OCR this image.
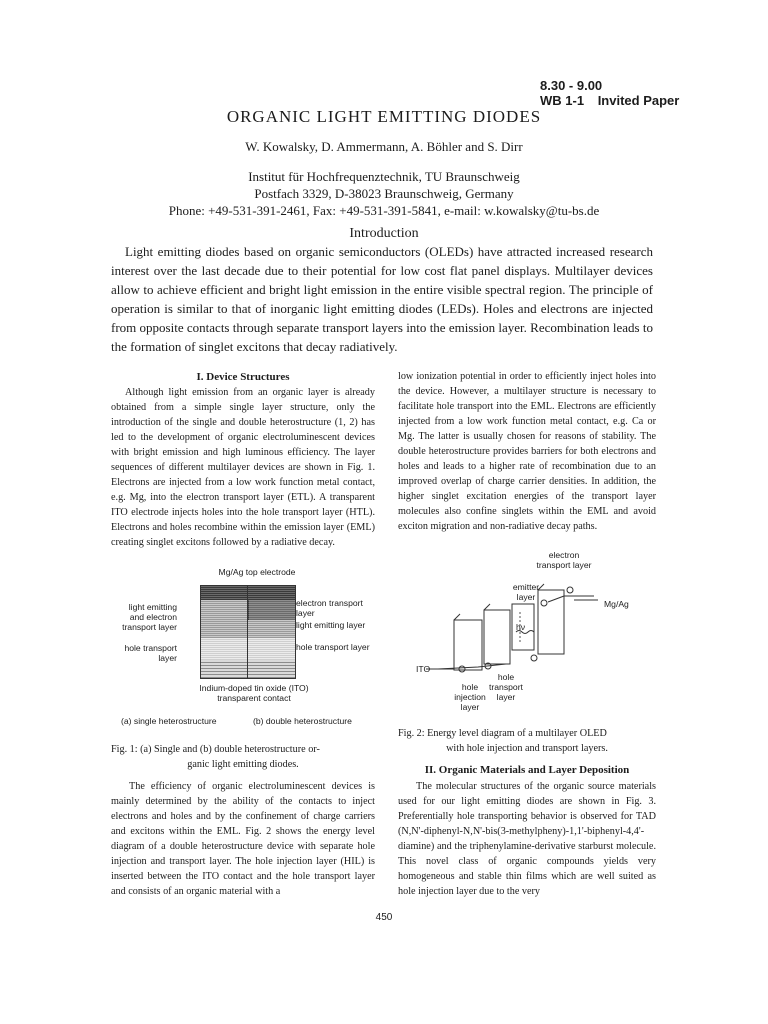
8.30 - 9.00
WB 1-1 Invited Paper
ORGANIC LIGHT EMITTING DIODES
W. Kowalsky, D. Ammermann, A. Böhler and S. Dirr
Institut für Hochfrequenztechnik, TU Braunschweig
Postfach 3329, D-38023 Braunschweig, Germany
Phone: +49-531-391-2461, Fax: +49-531-391-5841, e-mail: w.kowalsky@tu-bs.de
Introduction
Light emitting diodes based on organic semiconductors (OLEDs) have attracted increased research interest over the last decade due to their potential for low cost flat panel displays. Multilayer devices allow to achieve efficient and bright light emission in the entire visible spectral region. The principle of operation is similar to that of inorganic light emitting diodes (LEDs). Holes and electrons are injected from opposite contacts through separate transport layers into the emission layer. Recombination leads to the formation of singlet excitons that decay radiatively.
I. Device Structures
Although light emission from an organic layer is already obtained from a simple single layer structure, only the introduction of the single and double heterostructure (1, 2) has led to the development of organic electroluminescent devices with bright emission and high luminous efficiency. The layer sequences of different multilayer devices are shown in Fig. 1. Electrons are injected from a low work function metal contact, e.g. Mg, into the electron transport layer (ETL). A transparent ITO electrode injects holes into the hole transport layer (HTL). Electrons and holes recombine within the emission layer (EML) creating singlet excitons followed by a radiative decay.
Mg/Ag top electrode
light emitting and electron transport layer
hole transport layer
electron transport layer
light emitting layer
hole transport layer
Indium-doped tin oxide (ITO) transparent contact
(a) single heterostructure	(b) double heterostructure
Fig. 1: (a) Single and (b) double heterostructure or-
ganic light emitting diodes.
The efficiency of organic electroluminescent devices is mainly determined by the ability of the contacts to inject electrons and holes and by the confinement of charge carriers and excitons within the EML. Fig. 2 shows the energy level diagram of a double heterostructure device with separate hole injection and transport layer. The hole injection layer (HIL) is inserted between the ITO contact and the hole transport layer and consists of an organic material with a
low ionization potential in order to efficiently inject holes into the device. However, a multilayer structure is necessary to facilitate hole transport into the EML. Electrons are efficiently injected from a low work function metal contact, e.g. Ca or Mg. The latter is usually chosen for reasons of stability. The double heterostructure provides barriers for both electrons and holes and leads to a higher rate of recombination due to an improved overlap of charge carrier densities. In addition, the higher singlet excitation energies of the transport layer molecules also confine singlets within the EML and avoid exciton migration and non-radiative decay paths.
electron transport layer
emitter layer
Mg/Ag
hν
ITO
hole injection layer
hole transport layer
Fig. 2: Energy level diagram of a multilayer OLED
with hole injection and transport layers.
II. Organic Materials and Layer Deposition
The molecular structures of the organic source materials used for our light emitting diodes are shown in Fig. 3. Preferentially hole transporting behavior is observed for TAD (N,N'-diphenyl-N,N'-bis(3-methylpheny)-1,1'-biphenyl-4,4'-diamine) and the triphenylamine-derivative starburst molecule. This novel class of organic compounds yields very homogeneous and stable thin films which are well suited as hole injection layer due to the very
450
